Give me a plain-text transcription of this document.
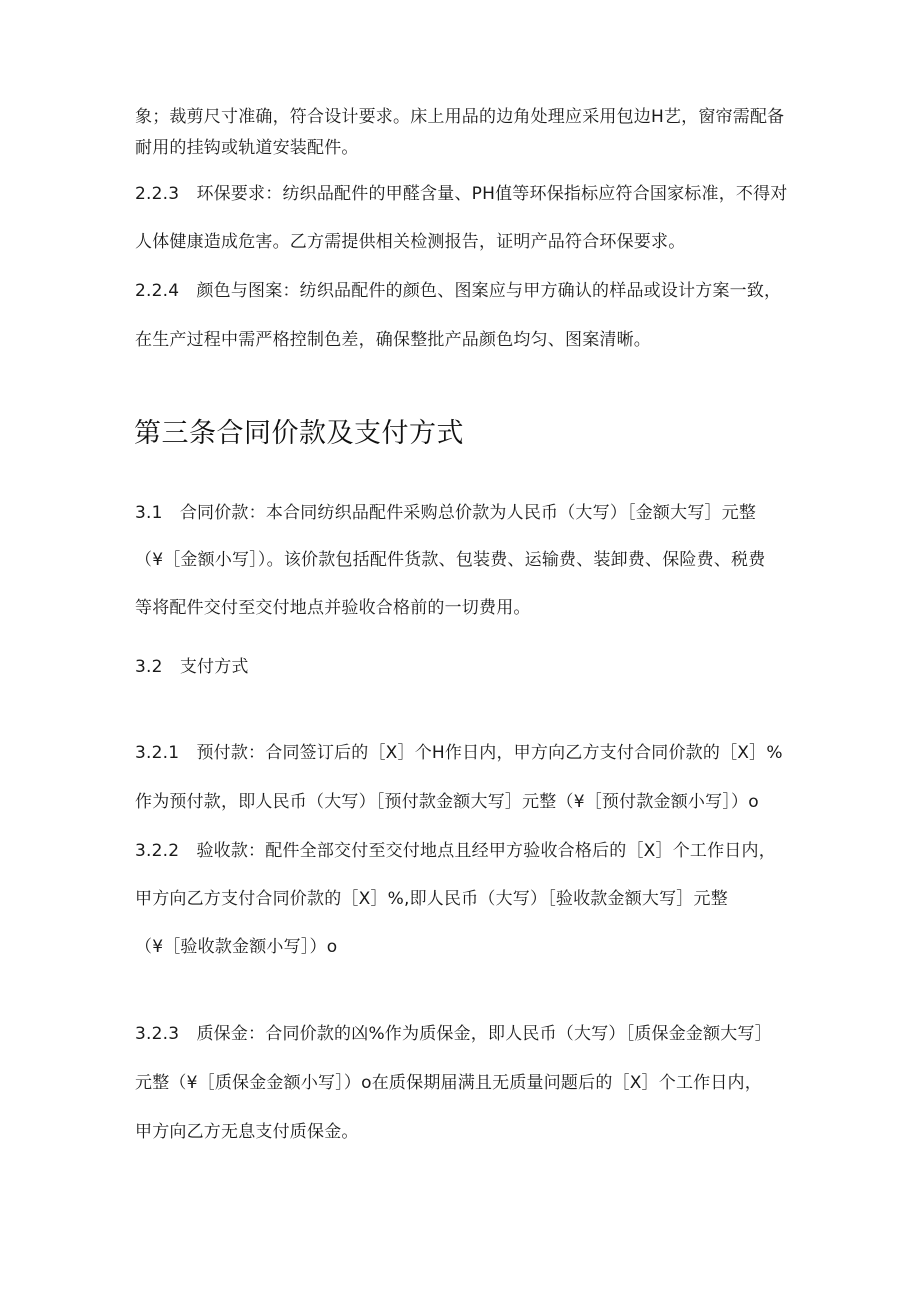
象；裁剪尺寸准确，符合设计要求。床上用品的边角处理应采用包边H艺，窗帘需配备
耐用的挂钩或轨道安装配件。
2.2.3　环保要求：纺织品配件的甲醛含量、PH值等环保指标应符合国家标准，不得对
人体健康造成危害。乙方需提供相关检测报告，证明产品符合环保要求。
2.2.4　颜色与图案：纺织品配件的颜色、图案应与甲方确认的样品或设计方案一致，
在生产过程中需严格控制色差，确保整批产品颜色均匀、图案清晰。
第三条合同价款及支付方式
3.1　合同价款：本合同纺织品配件采购总价款为人民币（大写）［金额大写］元整
（¥［金额小写］）。该价款包括配件货款、包装费、运输费、装卸费、保险费、税费
等将配件交付至交付地点并验收合格前的一切费用。
3.2　支付方式
3.2.1　预付款：合同签订后的［X］个H作日内，甲方向乙方支付合同价款的［X］%
作为预付款，即人民币（大写）［预付款金额大写］元整（¥［预付款金额小写］）o
3.2.2　验收款：配件全部交付至交付地点且经甲方验收合格后的［X］个工作日内，
甲方向乙方支付合同价款的［X］%,即人民币（大写）［验收款金额大写］元整
（¥［验收款金额小写］）o
3.2.3　质保金：合同价款的凶%作为质保金，即人民币（大写）［质保金金额大写］
元整（¥［质保金金额小写］）o在质保期届满且无质量问题后的［X］个工作日内，
甲方向乙方无息支付质保金。
